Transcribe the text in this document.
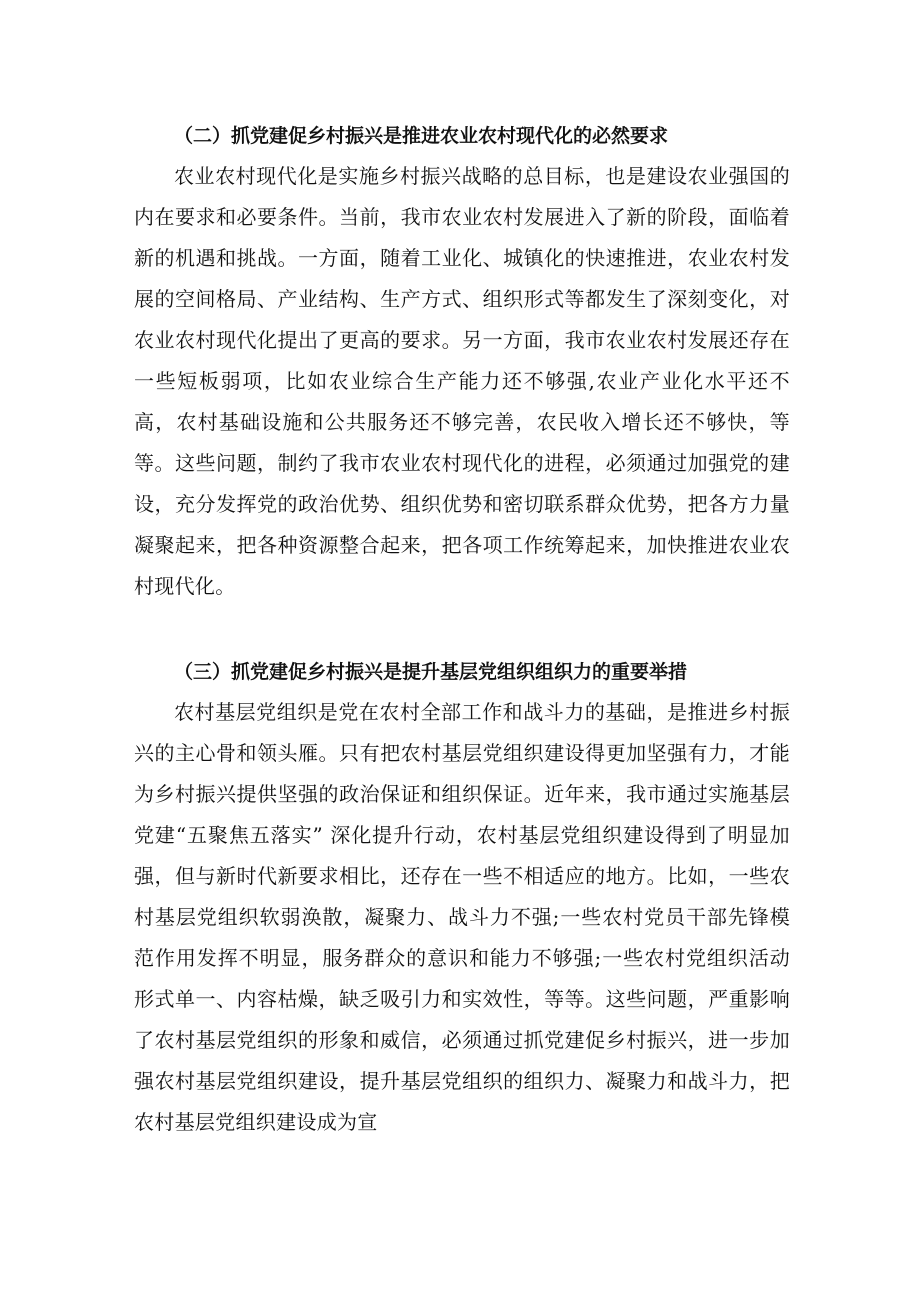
（二）抓党建促乡村振兴是推进农业农村现代化的必然要求

农业农村现代化是实施乡村振兴战略的总目标，也是建设农业强国的内在要求和必要条件。当前，我市农业农村发展进入了新的阶段，面临着新的机遇和挑战。一方面，随着工业化、城镇化的快速推进，农业农村发展的空间格局、产业结构、生产方式、组织形式等都发生了深刻变化，对农业农村现代化提出了更高的要求。另一方面，我市农业农村发展还存在一些短板弱项，比如农业综合生产能力还不够强,农业产业化水平还不高，农村基础设施和公共服务还不够完善，农民收入增长还不够快，等等。这些问题，制约了我市农业农村现代化的进程，必须通过加强党的建设，充分发挥党的政治优势、组织优势和密切联系群众优势，把各方力量凝聚起来，把各种资源整合起来，把各项工作统筹起来，加快推进农业农村现代化。

（三）抓党建促乡村振兴是提升基层党组织组织力的重要举措

农村基层党组织是党在农村全部工作和战斗力的基础，是推进乡村振兴的主心骨和领头雁。只有把农村基层党组织建设得更加坚强有力，才能为乡村振兴提供坚强的政治保证和组织保证。近年来，我市通过实施基层党建“五聚焦五落实” 深化提升行动，农村基层党组织建设得到了明显加强，但与新时代新要求相比，还存在一些不相适应的地方。比如，一些农村基层党组织软弱涣散，凝聚力、战斗力不强;一些农村党员干部先锋模范作用发挥不明显，服务群众的意识和能力不够强;一些农村党组织活动形式单一、内容枯燥，缺乏吸引力和实效性，等等。这些问题，严重影响了农村基层党组织的形象和威信，必须通过抓党建促乡村振兴，进一步加强农村基层党组织建设，提升基层党组织的组织力、凝聚力和战斗力，把农村基层党组织建设成为宣
